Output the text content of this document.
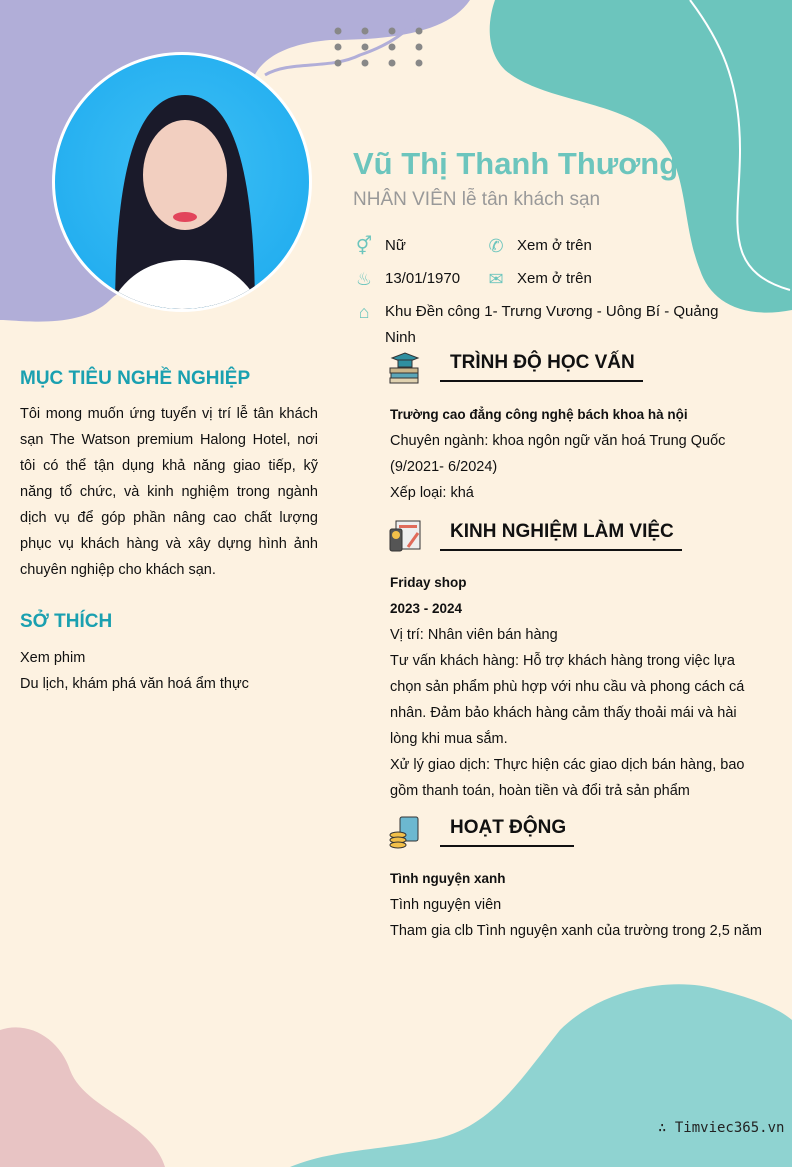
Vũ Thị Thanh Thương
NHÂN VIÊN lễ tân khách sạn
⚥ Nữ	✆ Xem ở trên
♨ 13/01/1970 ✉ Xem ở trên
⌂	Khu Đền công 1- Trưng Vương - Uông Bí - Quảng Ninh
MỤC TIÊU NGHỀ NGHIỆP
Tôi mong muốn ứng tuyển vị trí lễ tân khách sạn The Watson premium Halong Hotel, nơi tôi có thể tận dụng khả năng giao tiếp, kỹ năng tổ chức, và kinh nghiệm trong ngành dịch vụ để góp phần nâng cao chất lượng phục vụ khách hàng và xây dựng hình ảnh chuyên nghiệp cho khách sạn.
SỞ THÍCH
Xem phim
Du lịch, khám phá văn hoá ẩm thực
TRÌNH ĐỘ HỌC VẤN
Trường cao đẳng công nghệ bách khoa hà nội
Chuyên ngành: khoa ngôn ngữ văn hoá Trung Quốc
(9/2021- 6/2024)
Xếp loại: khá
KINH NGHIỆM LÀM VIỆC
Friday shop
2023 - 2024
Vị trí: Nhân viên bán hàng
Tư vấn khách hàng: Hỗ trợ khách hàng trong việc lựa chọn sản phẩm phù hợp với nhu cầu và phong cách cá nhân. Đảm bảo khách hàng cảm thấy thoải mái và hài lòng khi mua sắm.
Xử lý giao dịch: Thực hiện các giao dịch bán hàng, bao gồm thanh toán, hoàn tiền và đổi trả sản phẩm
HOẠT ĐỘNG
Tình nguyện xanh
Tình nguyện viên
Tham gia clb Tình nguyện xanh của trường trong 2,5 năm
∴ Timviec365.vn
